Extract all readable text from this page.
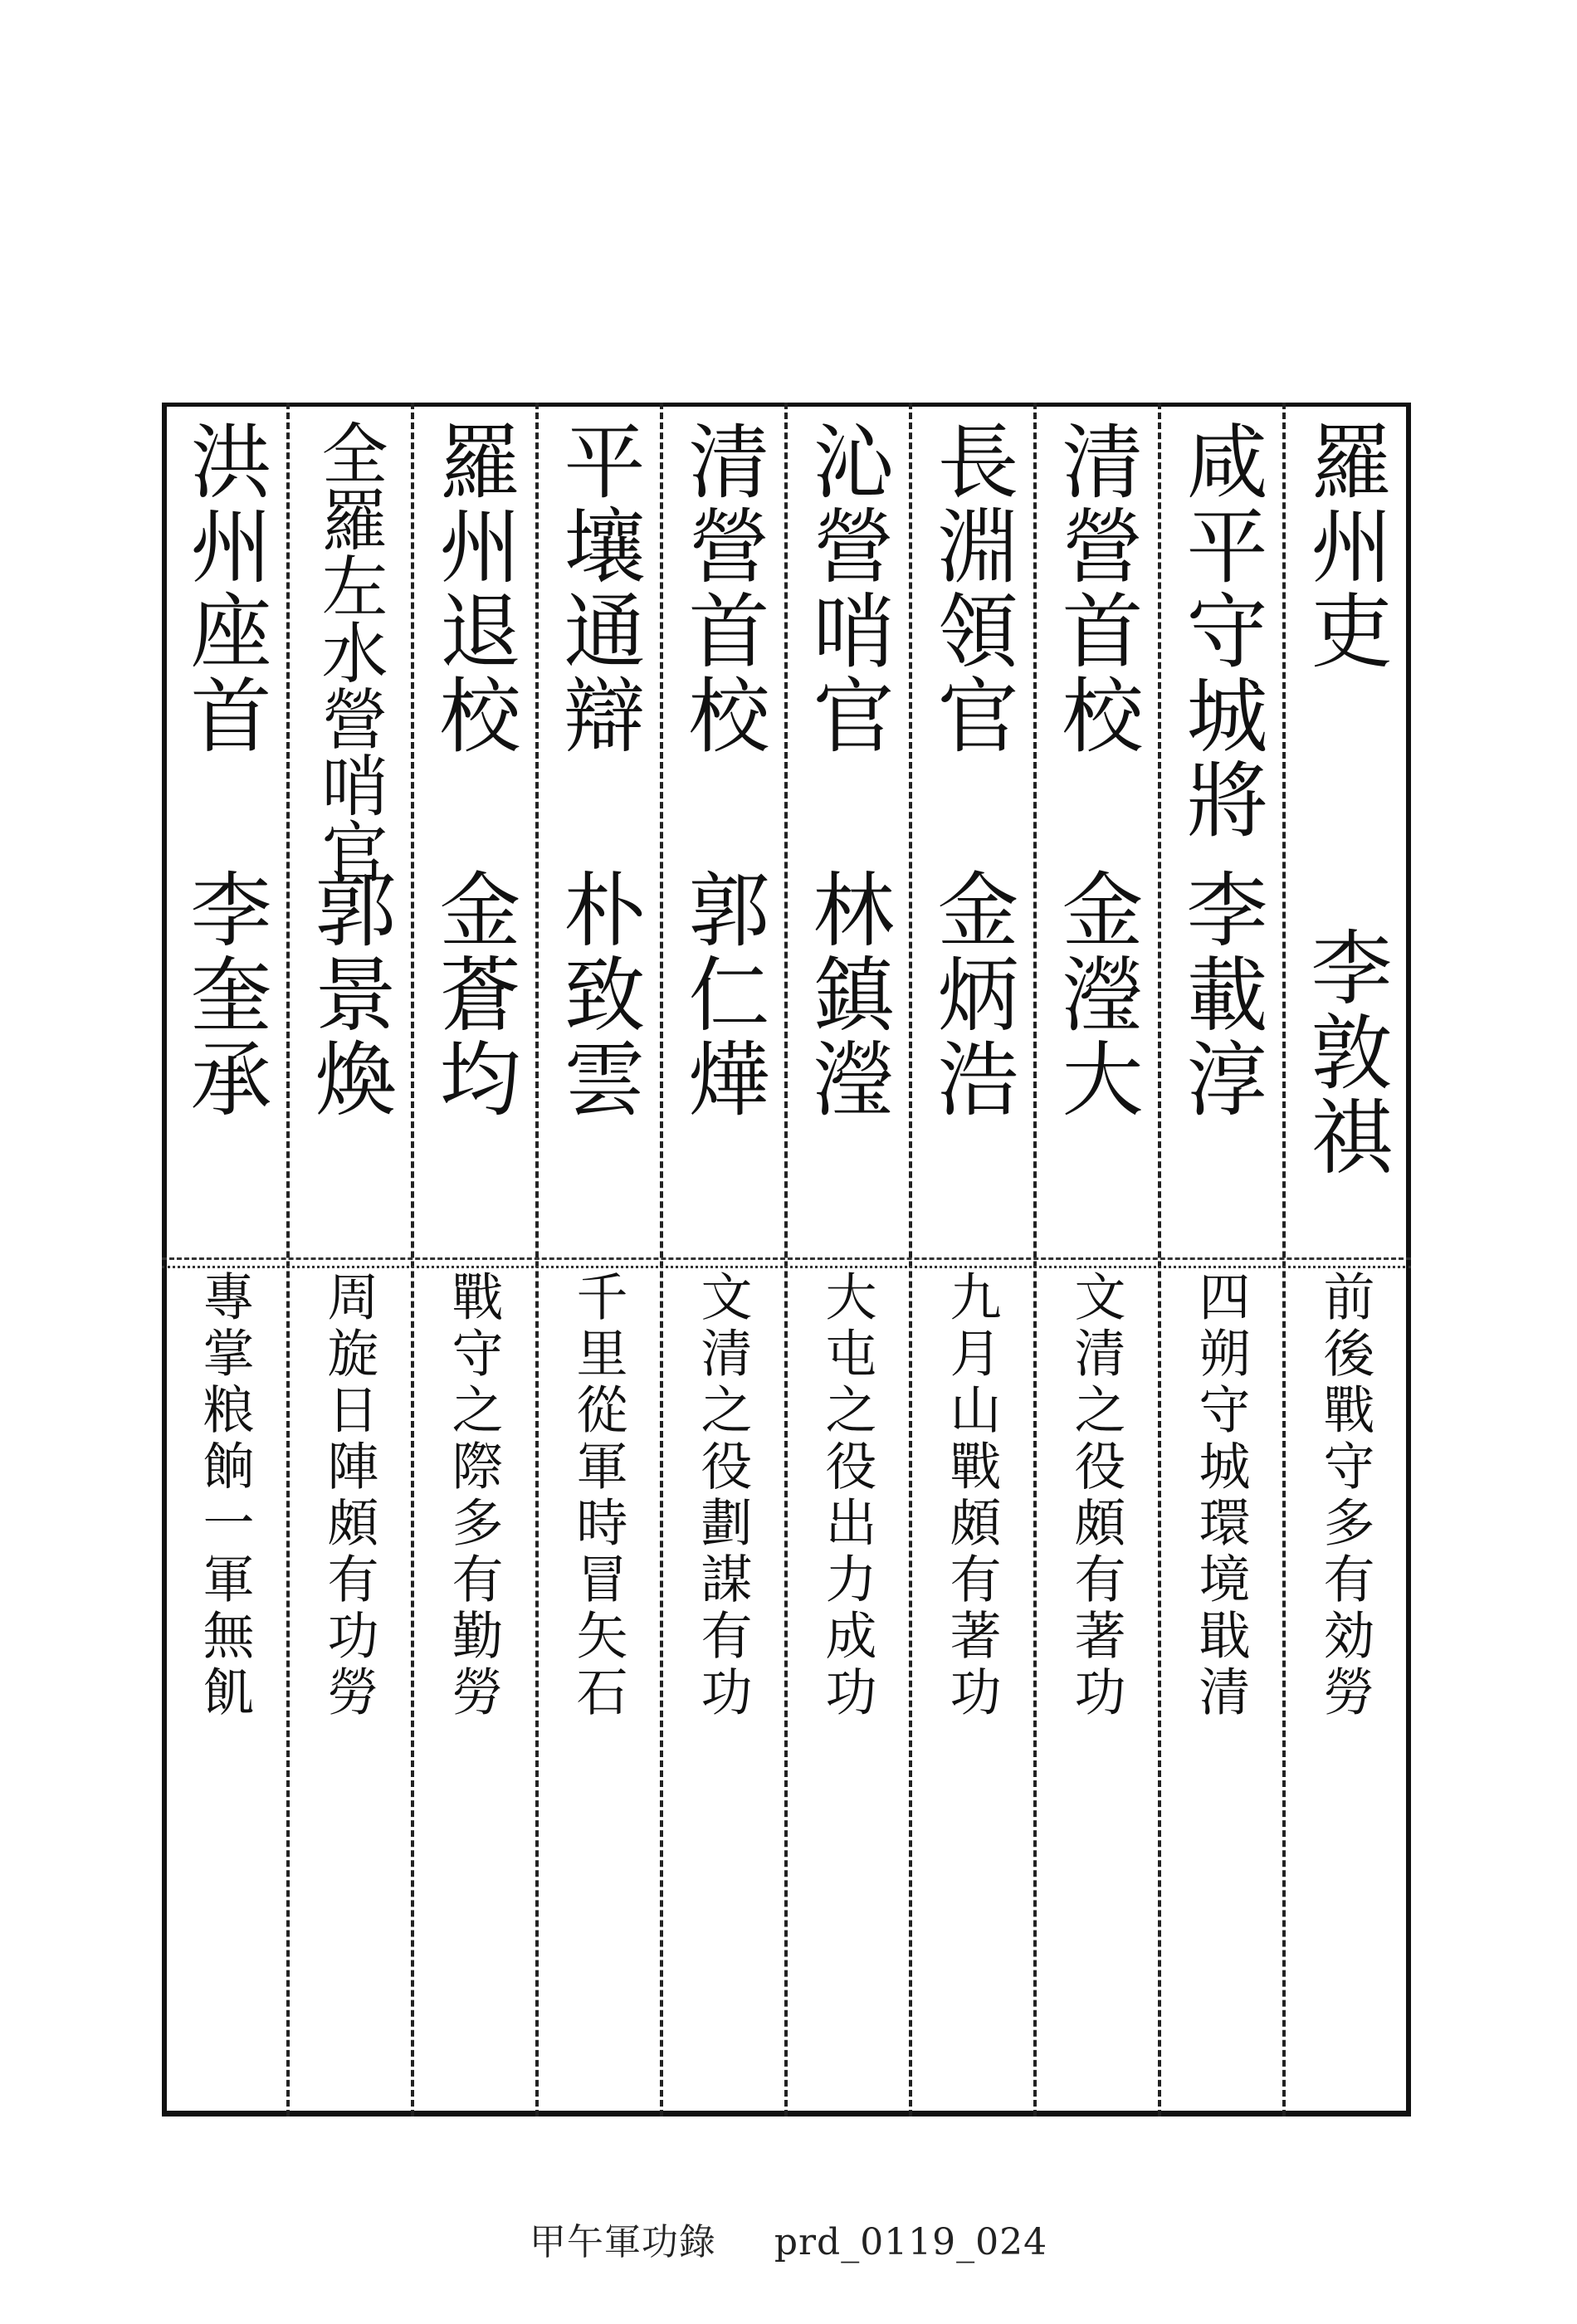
羅州吏
李敦祺
前後戰守多有効勞
咸平守城將
李載淳
四朔守城環境戢清
清營首校
金瀅大
文清之役頗有著功
長淵領官
金炳浩
九月山戰頗有著功
沁營哨官
林鎮瀅
大屯之役出力成功
清營首校
郭仁燁
文清之役劃謀有功
平壤通辯
朴致雲
千里從軍時冒矢石
羅州退校
金蒼均
戰守之際多有勤勞
全羅左水營哨官
郭景煥
周旋日陣頗有功勞
洪州座首
李奎承
專掌粮餉一軍無飢
甲午軍功錄 prd_0119_024
